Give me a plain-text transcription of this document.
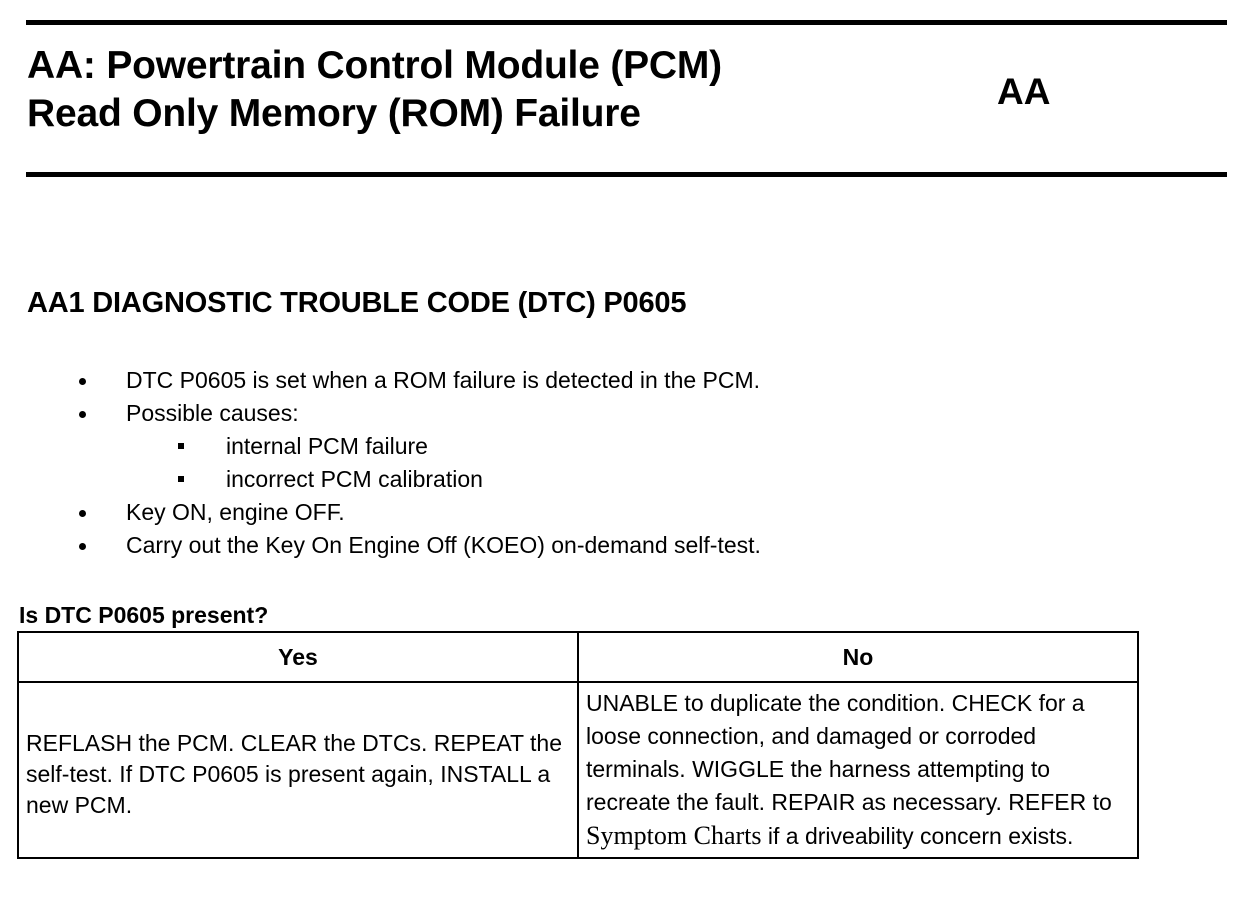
AA: Powertrain Control Module (PCM)
Read Only Memory (ROM) Failure
AA
AA1 DIAGNOSTIC TROUBLE CODE (DTC) P0605
DTC P0605 is set when a ROM failure is detected in the PCM.
Possible causes:
internal PCM failure
incorrect PCM calibration
Key ON, engine OFF.
Carry out the Key On Engine Off (KOEO) on-demand self-test.
Is DTC P0605 present?
Yes	No
REFLASH the PCM. CLEAR the DTCs. REPEAT the self-test. If DTC P0605 is present again, INSTALL a new PCM.	UNABLE to duplicate the condition. CHECK for a loose connection, and damaged or corroded terminals. WIGGLE the harness attempting to recreate the fault. REPAIR as necessary. REFER to Symptom Charts if a driveability concern exists.
